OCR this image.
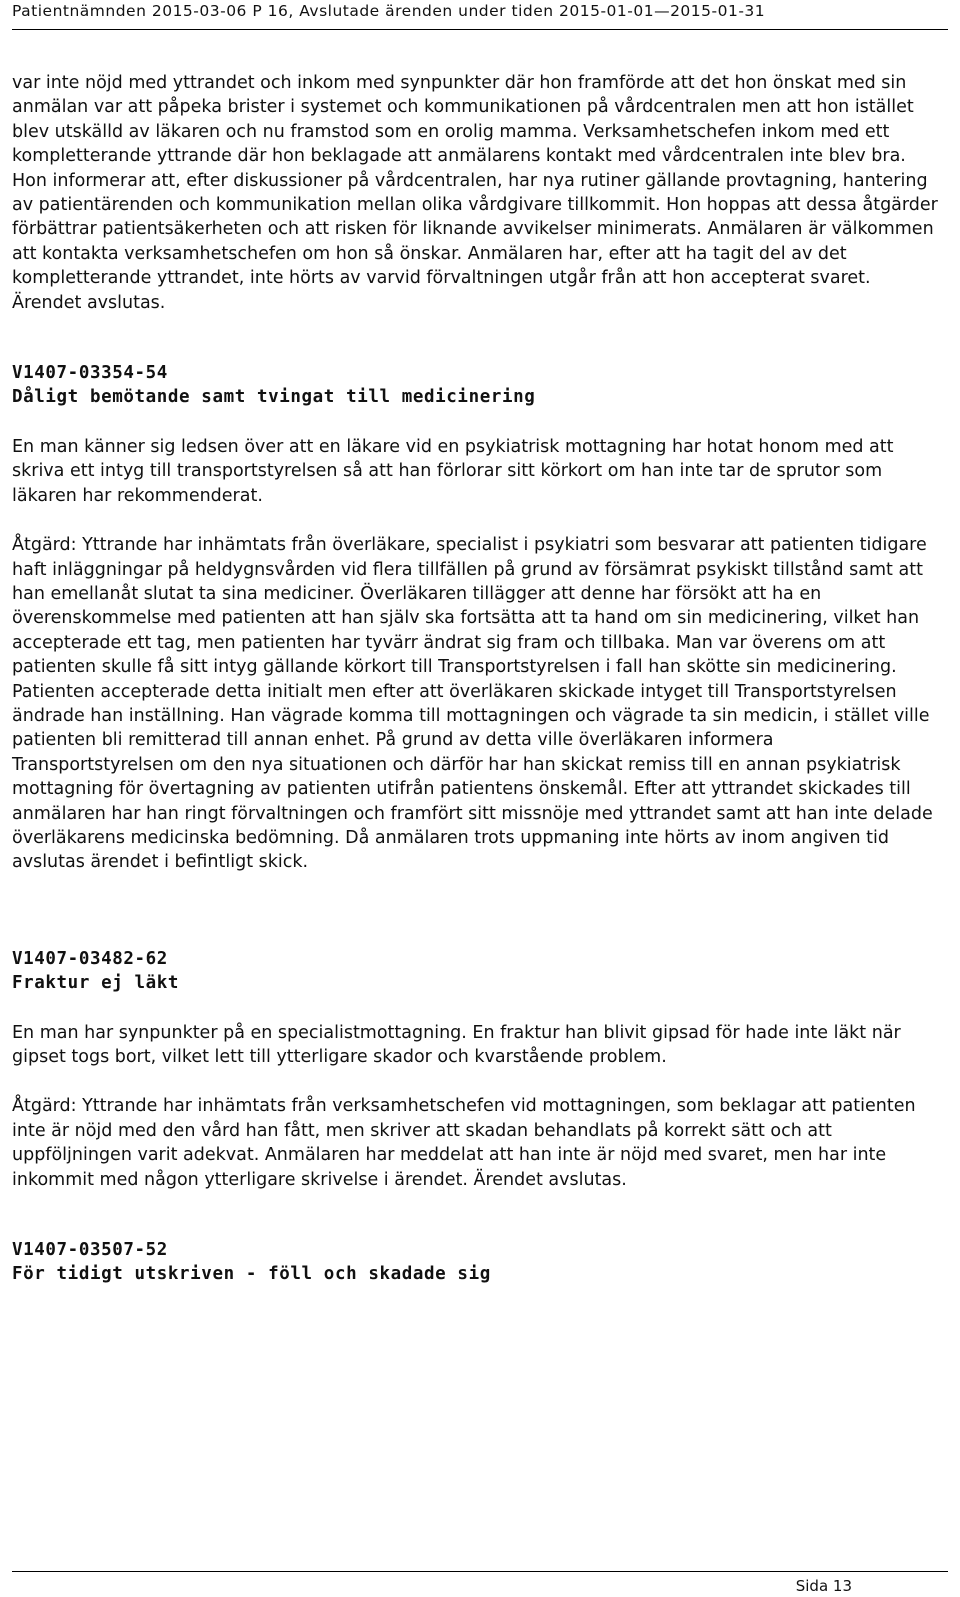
Patientnämnden 2015-03-06 P 16, Avslutade ärenden under tiden 2015-01-01—2015-01-31

var inte nöjd med yttrandet och inkom med synpunkter där hon framförde att det hon önskat med sin anmälan var att påpeka brister i systemet och kommunikationen på vårdcentralen men att hon istället blev utskälld av läkaren och nu framstod som en orolig mamma. Verksamhetschefen inkom med ett kompletterande yttrande där hon beklagade att anmälarens kontakt med vårdcentralen inte blev bra. Hon informerar att, efter diskussioner på vårdcentralen, har nya rutiner gällande provtagning, hantering av patientärenden och kommunikation mellan olika vårdgivare tillkommit. Hon hoppas att dessa åtgärder förbättrar patientsäkerheten och att risken för liknande avvikelser minimerats. Anmälaren är välkommen att kontakta verksamhetschefen om hon så önskar. Anmälaren har, efter att ha tagit del av det kompletterande yttrandet, inte hörts av varvid förvaltningen utgår från att hon accepterat svaret. Ärendet avslutas.

V1407-03354-54

Dåligt bemötande samt tvingat till medicinering

En man känner sig ledsen över att en läkare vid en psykiatrisk mottagning har hotat honom med att skriva ett intyg till transportstyrelsen så att han förlorar sitt körkort om han inte tar de sprutor som läkaren har rekommenderat.

Åtgärd: Yttrande har inhämtats från överläkare, specialist i psykiatri som besvarar att patienten tidigare haft inläggningar på heldygnsvården vid flera tillfällen på grund av försämrat psykiskt tillstånd samt att han emellanåt slutat ta sina mediciner. Överläkaren tillägger att denne har försökt att ha en överenskommelse med patienten att han själv ska fortsätta att ta hand om sin medicinering, vilket han accepterade ett tag, men patienten har tyvärr ändrat sig fram och tillbaka. Man var överens om att patienten skulle få sitt intyg gällande körkort till Transportstyrelsen i fall han skötte sin medicinering. Patienten accepterade detta initialt men efter att överläkaren skickade intyget till Transportstyrelsen ändrade han inställning. Han vägrade komma till mottagningen och vägrade ta sin medicin, i stället ville patienten bli remitterad till annan enhet. På grund av detta ville överläkaren informera Transportstyrelsen om den nya situationen och därför har han skickat remiss till en annan psykiatrisk mottagning för övertagning av patienten utifrån patientens önskemål. Efter att yttrandet skickades till anmälaren har han ringt förvaltningen och framfört sitt missnöje med yttrandet samt att han inte delade överläkarens medicinska bedömning. Då anmälaren trots uppmaning inte hörts av inom angiven tid avslutas ärendet i befintligt skick.

V1407-03482-62

Fraktur ej läkt

En man har synpunkter på en specialistmottagning. En fraktur han blivit gipsad för hade inte läkt när gipset togs bort, vilket lett till ytterligare skador och kvarstående problem.

Åtgärd: Yttrande har inhämtats från verksamhetschefen vid mottagningen, som beklagar att patienten inte är nöjd med den vård han fått, men skriver att skadan behandlats på korrekt sätt och att uppföljningen varit adekvat. Anmälaren har meddelat att han inte är nöjd med svaret, men har inte inkommit med någon ytterligare skrivelse i ärendet. Ärendet avslutas.

V1407-03507-52

För tidigt utskriven - föll och skadade sig

Sida 13
